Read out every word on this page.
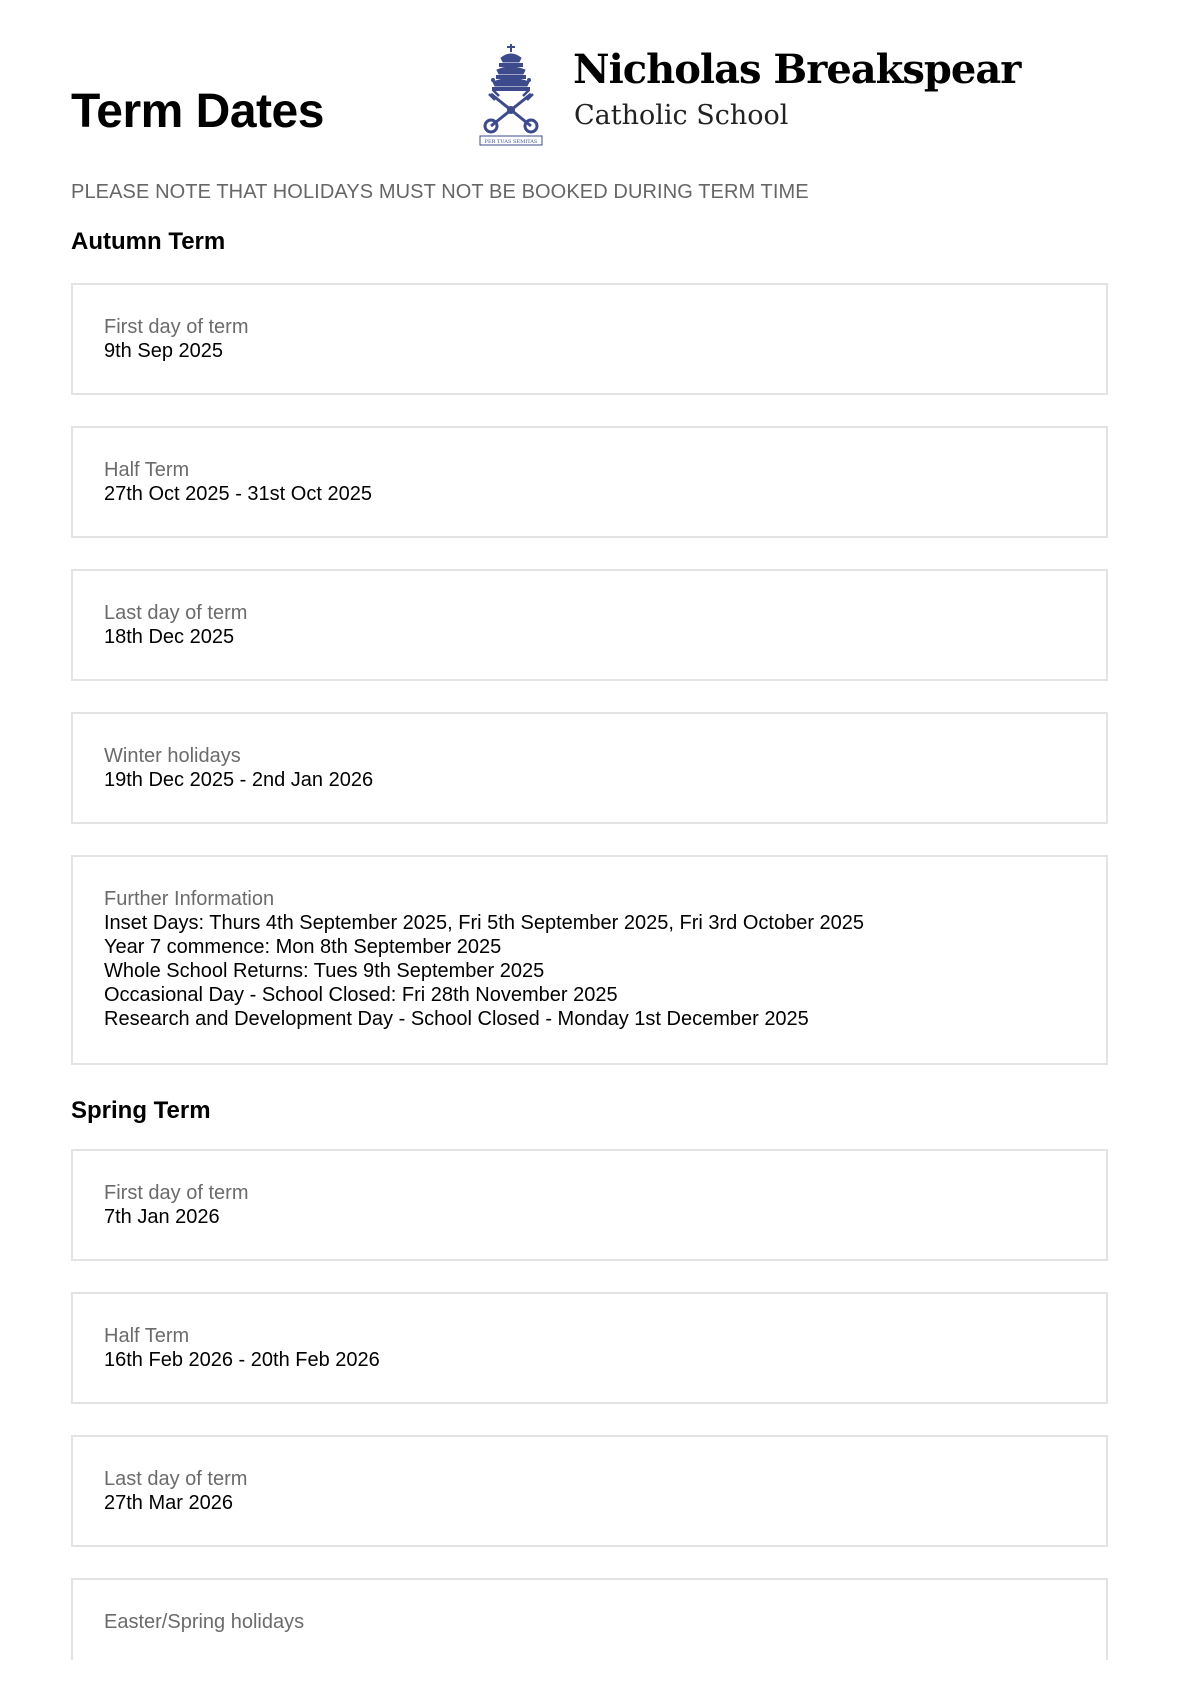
Term Dates
PER TUAS SEMITAS
Nicholas Breakspear
Catholic School

PLEASE NOTE THAT HOLIDAYS MUST NOT BE BOOKED DURING TERM TIME

Autumn Term
First day of term
9th Sep 2025
Half Term
27th Oct 2025 - 31st Oct 2025
Last day of term
18th Dec 2025
Winter holidays
19th Dec 2025 - 2nd Jan 2026
Further Information
Inset Days: Thurs 4th September 2025, Fri 5th September 2025, Fri 3rd October 2025
Year 7 commence: Mon 8th September 2025
Whole School Returns: Tues 9th September 2025
Occasional Day - School Closed: Fri 28th November 2025
Research and Development Day - School Closed - Monday 1st December 2025
Spring Term
First day of term
7th Jan 2026
Half Term
16th Feb 2026 - 20th Feb 2026
Last day of term
27th Mar 2026
Easter/Spring holidays
